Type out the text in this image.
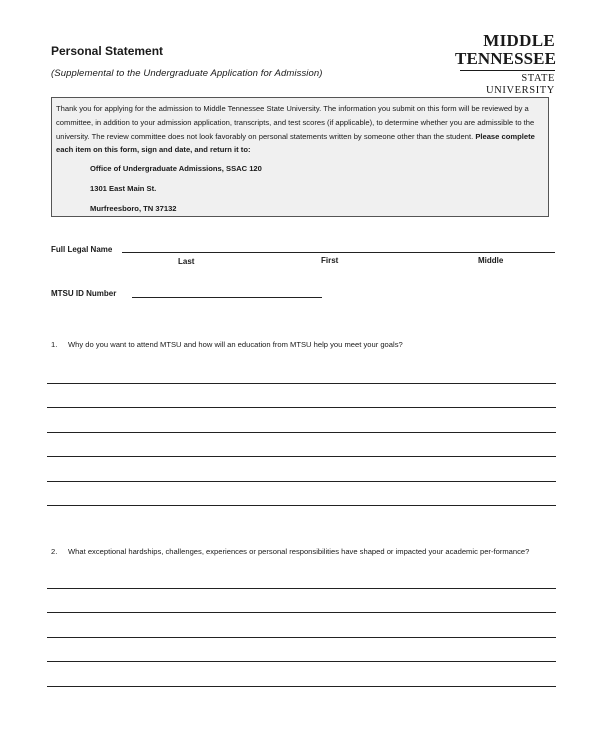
Personal Statement
(Supplemental to the Undergraduate Application for Admission)
MIDDLE
TENNESSEE
STATE UNIVERSITY
Thank you for applying for the admission to Middle Tennessee State University. The information you submit on this form will be reviewed by a committee, in addition to your admission application, transcripts, and test scores (if applicable), to determine whether you are admissible to the university. The review committee does not look favorably on personal statements written by someone other than the student. Please complete each item on this form, sign and date, and return it to:
Office of Undergraduate Admissions, SSAC 120
1301 East Main St.
Murfreesboro, TN 37132
Full Legal Name
Last	First	Middle
MTSU ID Number
1. Why do you want to attend MTSU and how will an education from MTSU help you meet your goals?
2.	What exceptional hardships, challenges, experiences or personal responsibilities have shaped or impacted your academic per-formance?
